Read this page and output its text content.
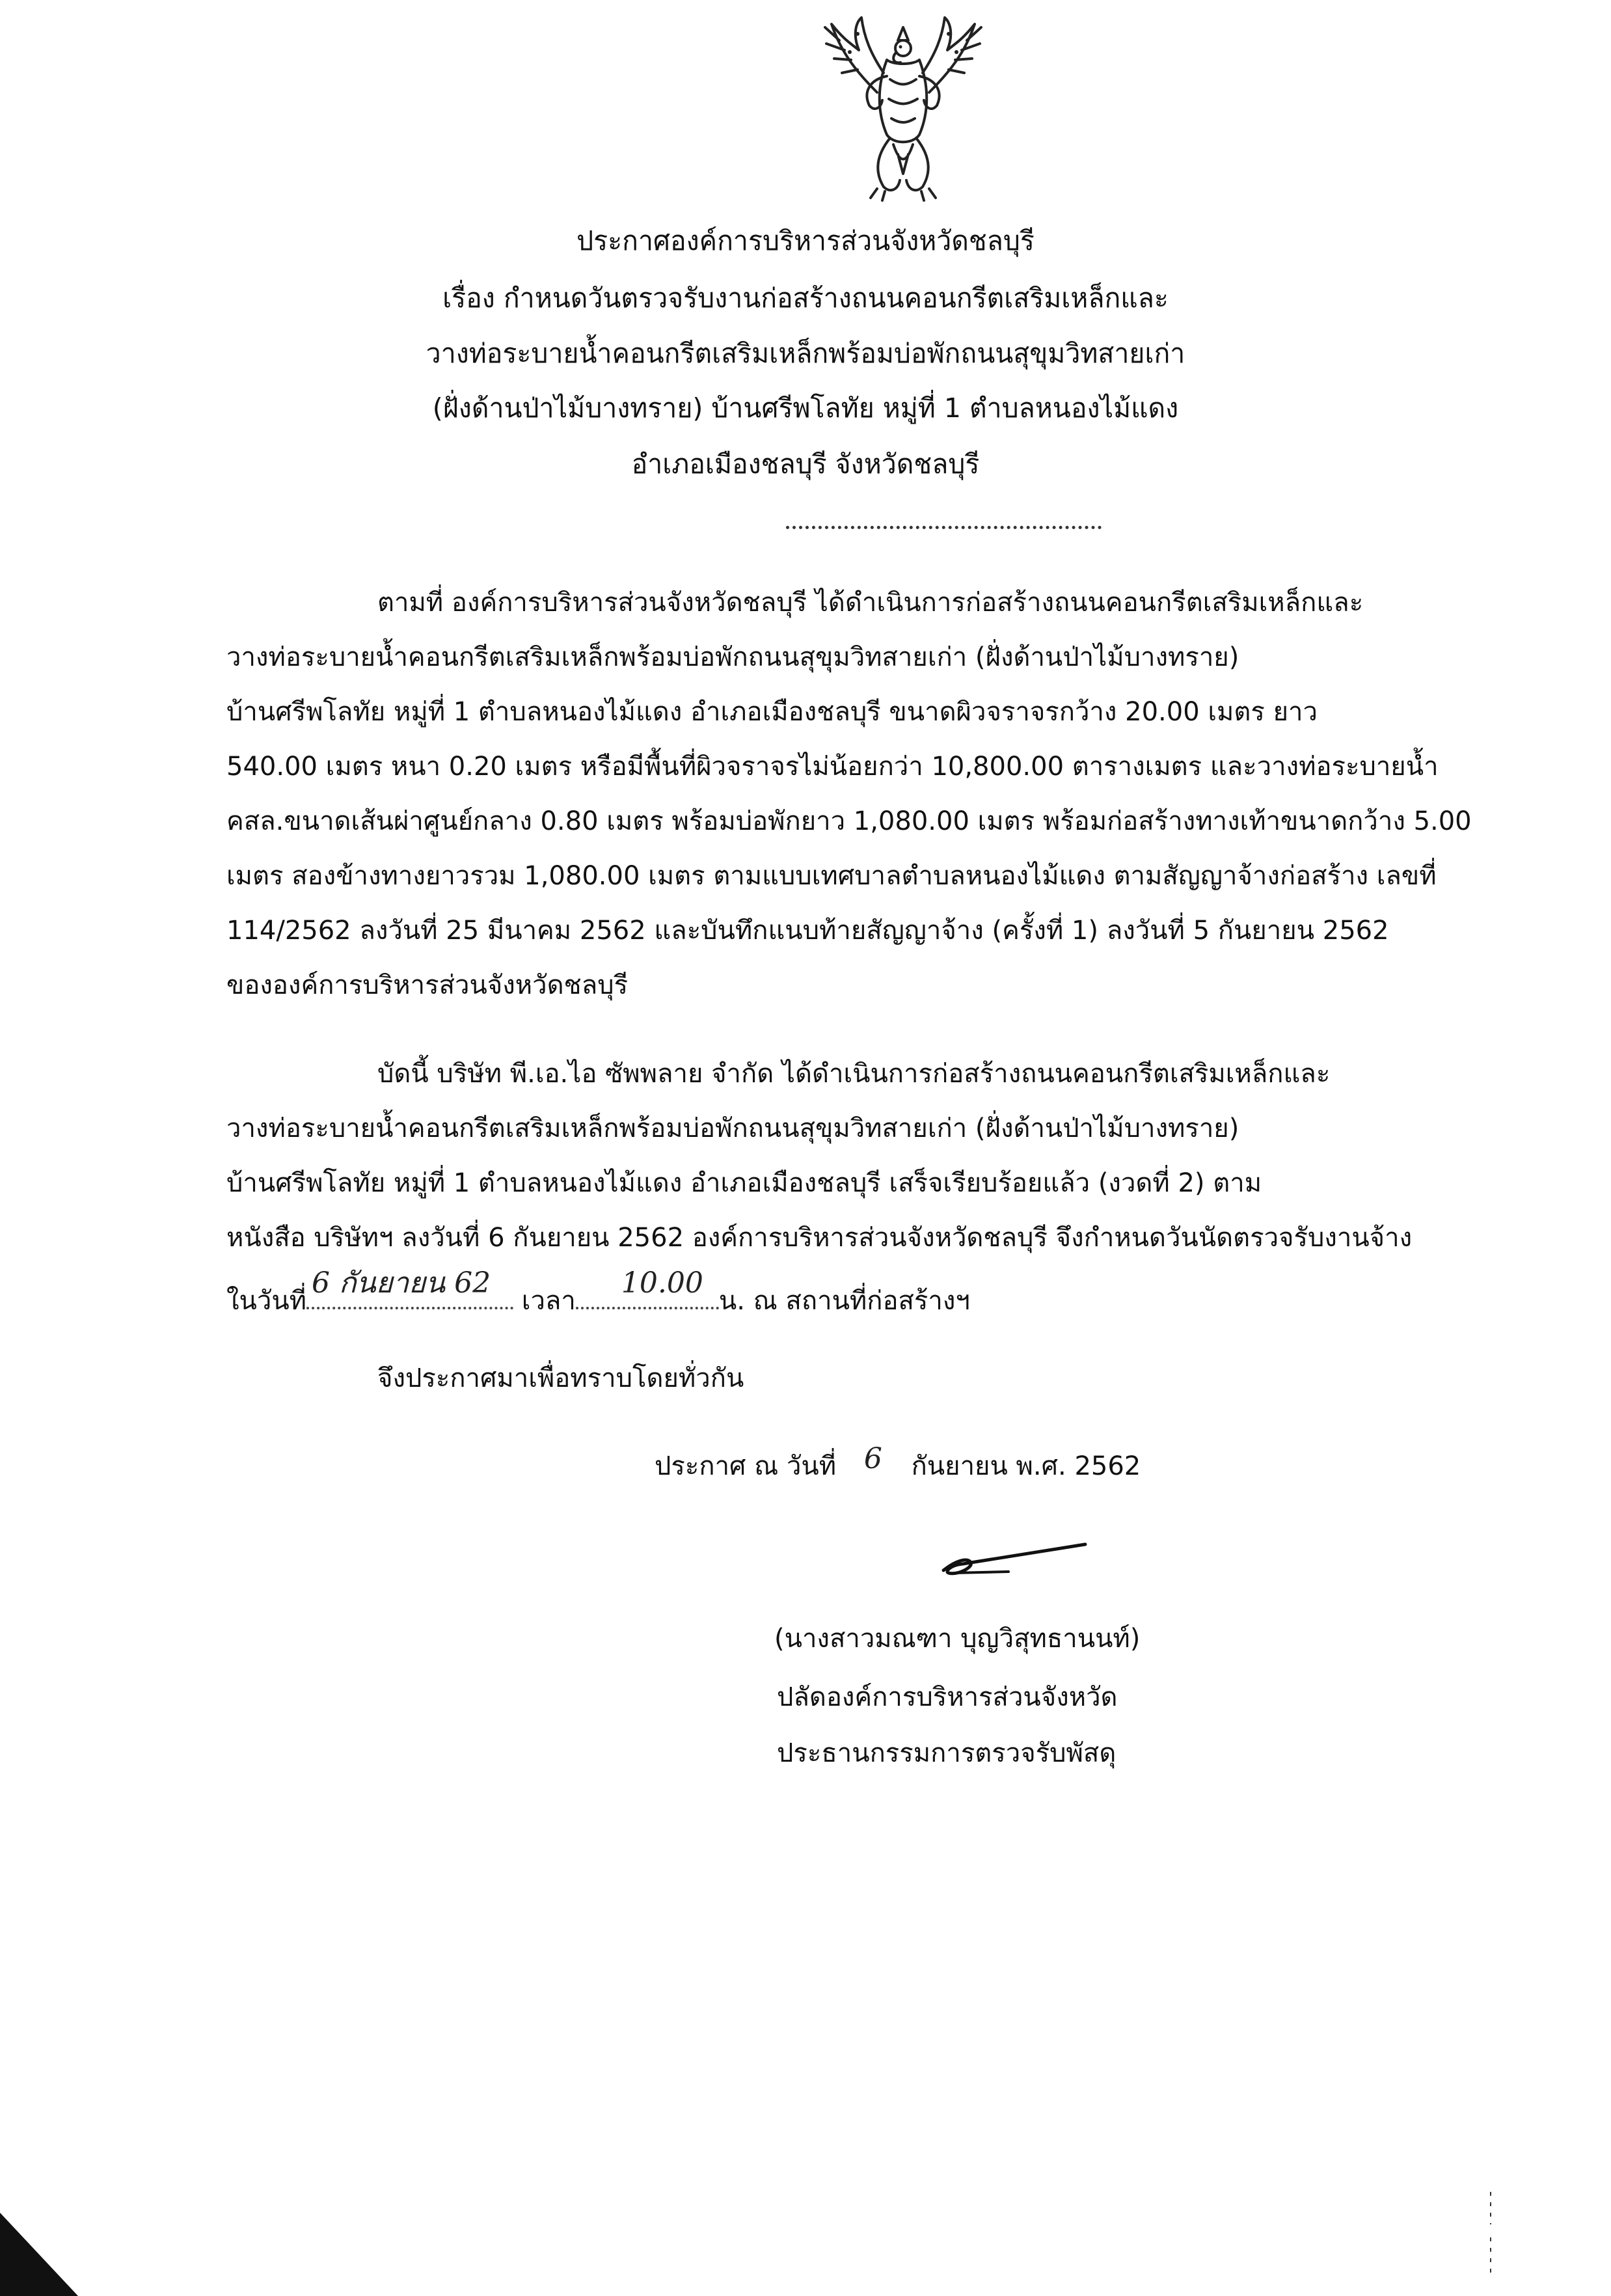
ประกาศองค์การบริหารส่วนจังหวัดชลบุรี
เรื่อง กำหนดวันตรวจรับงานก่อสร้างถนนคอนกรีตเสริมเหล็กและ
วางท่อระบายน้ำคอนกรีตเสริมเหล็กพร้อมบ่อพักถนนสุขุมวิทสายเก่า
(ฝั่งด้านป่าไม้บางทราย) บ้านศรีพโลทัย หมู่ที่ 1 ตำบลหนองไม้แดง
อำเภอเมืองชลบุรี จังหวัดชลบุรี
ตามที่ องค์การบริหารส่วนจังหวัดชลบุรี ได้ดำเนินการก่อสร้างถนนคอนกรีตเสริมเหล็กและ
วางท่อระบายน้ำคอนกรีตเสริมเหล็กพร้อมบ่อพักถนนสุขุมวิทสายเก่า (ฝั่งด้านป่าไม้บางทราย)
บ้านศรีพโลทัย หมู่ที่ 1 ตำบลหนองไม้แดง อำเภอเมืองชลบุรี ขนาดผิวจราจรกว้าง 20.00 เมตร ยาว
540.00 เมตร หนา 0.20 เมตร หรือมีพื้นที่ผิวจราจรไม่น้อยกว่า 10,800.00 ตารางเมตร และวางท่อระบายน้ำ
คสล.ขนาดเส้นผ่าศูนย์กลาง 0.80 เมตร พร้อมบ่อพักยาว 1,080.00 เมตร พร้อมก่อสร้างทางเท้าขนาดกว้าง 5.00
เมตร สองข้างทางยาวรวม 1,080.00 เมตร ตามแบบเทศบาลตำบลหนองไม้แดง ตามสัญญาจ้างก่อสร้าง เลขที่
114/2562 ลงวันที่ 25 มีนาคม 2562 และบันทึกแนบท้ายสัญญาจ้าง (ครั้งที่ 1) ลงวันที่ 5 กันยายน 2562
ขององค์การบริหารส่วนจังหวัดชลบุรี
บัดนี้ บริษัท พี.เอ.ไอ ซัพพลาย จำกัด ได้ดำเนินการก่อสร้างถนนคอนกรีตเสริมเหล็กและ
วางท่อระบายน้ำคอนกรีตเสริมเหล็กพร้อมบ่อพักถนนสุขุมวิทสายเก่า (ฝั่งด้านป่าไม้บางทราย)
บ้านศรีพโลทัย หมู่ที่ 1 ตำบลหนองไม้แดง อำเภอเมืองชลบุรี เสร็จเรียบร้อยแล้ว (งวดที่ 2) ตาม
หนังสือ บริษัทฯ ลงวันที่ 6 กันยายน 2562 องค์การบริหารส่วนจังหวัดชลบุรี จึงกำหนดวันนัดตรวจรับงานจ้าง
ในวันที่
6 กันยายน 62
เวลา
10.00
น. ณ สถานที่ก่อสร้างฯ
จึงประกาศมาเพื่อทราบโดยทั่วกัน
ประกาศ ณ วันที่ 6 กันยายน พ.ศ. 2562
(นางสาวมณฑา บุญวิสุทธานนท์)
ปลัดองค์การบริหารส่วนจังหวัด
ประธานกรรมการตรวจรับพัสดุ
